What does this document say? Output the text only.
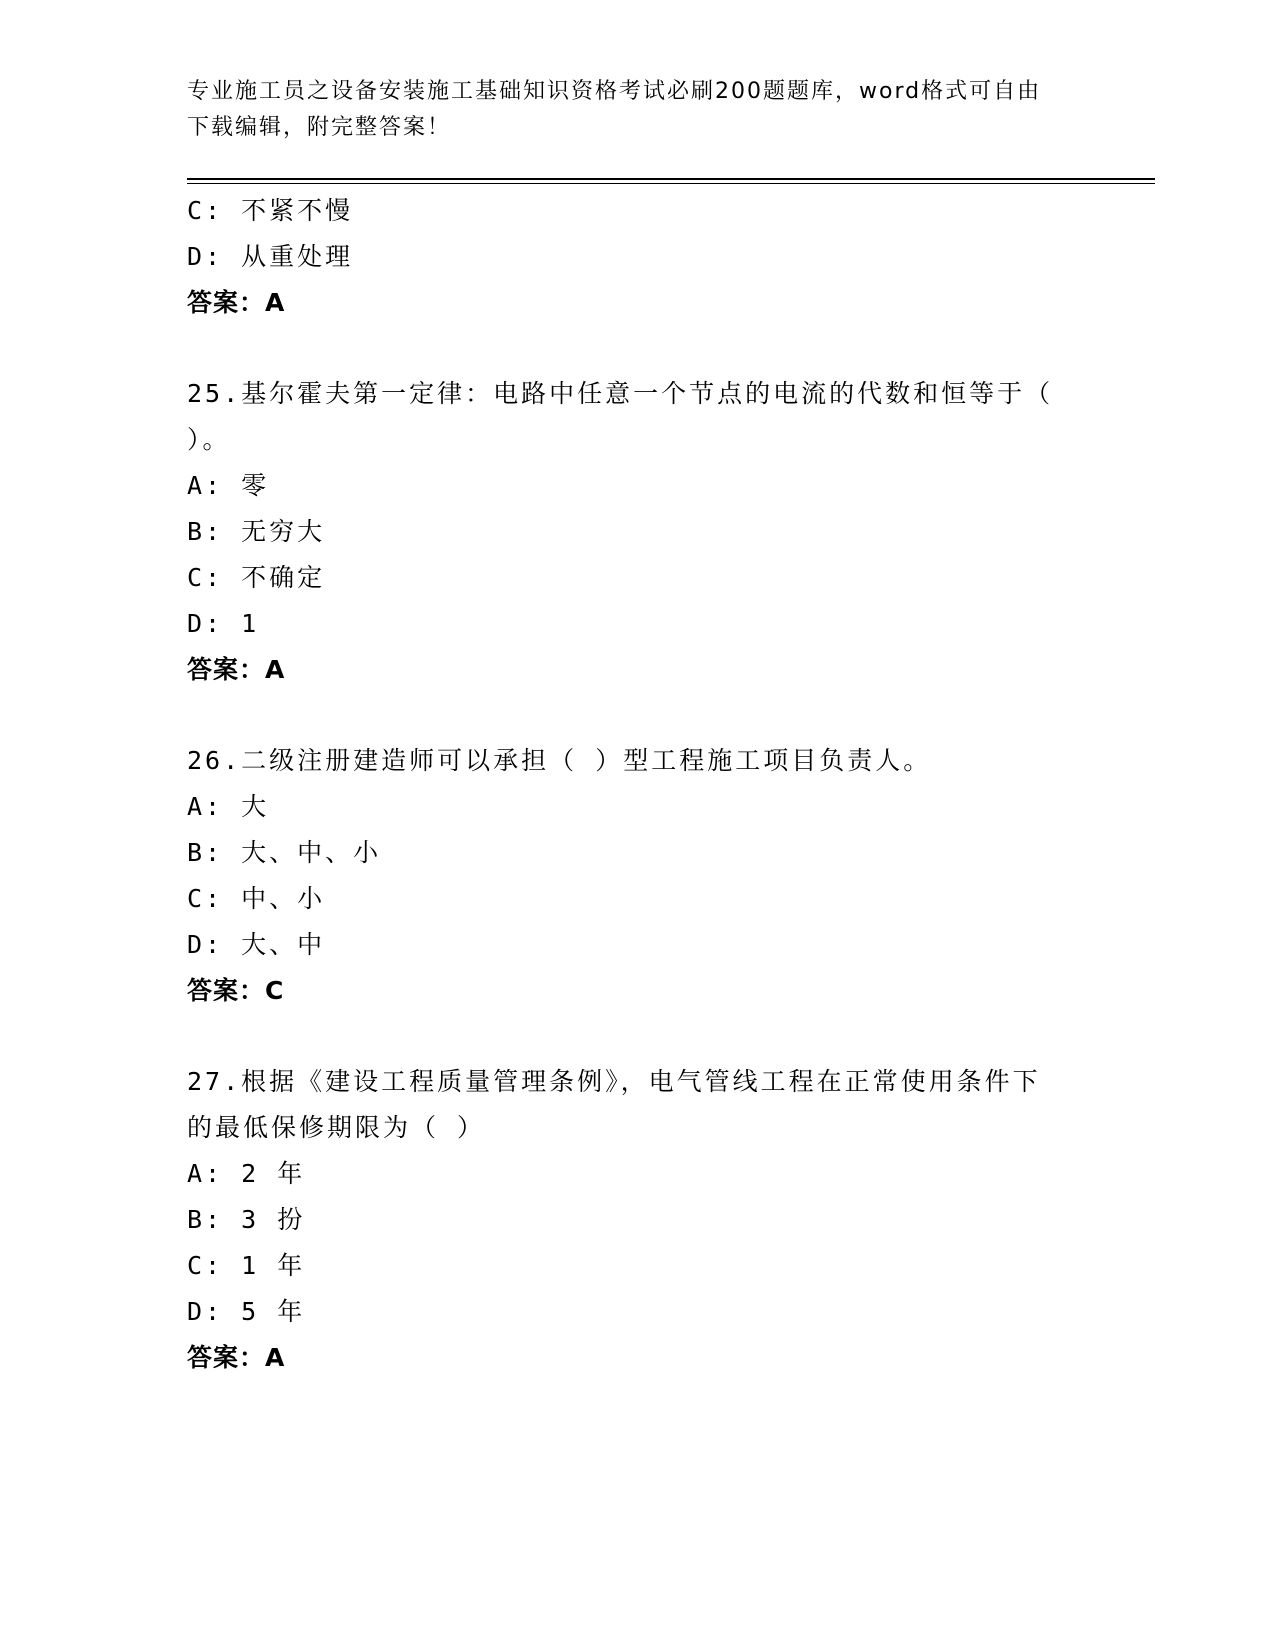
专业施工员之设备安装施工基础知识资格考试必刷200题题库，word格式可自由
下载编辑，附完整答案！
C: 不紧不慢
D: 从重处理
答案：A
25.基尔霍夫第一定律：电路中任意一个节点的电流的代数和恒等于（
）。
A: 零
B: 无穷大
C: 不确定
D: 1
答案：A
26.二级注册建造师可以承担（ ）型工程施工项目负责人。
A: 大
B: 大、中、小
C: 中、小
D: 大、中
答案：C
27.根据《建设工程质量管理条例》，电气管线工程在正常使用条件下
的最低保修期限为（ ）
A: 2 年
B: 3 扮
C: 1 年
D: 5 年
答案：A
